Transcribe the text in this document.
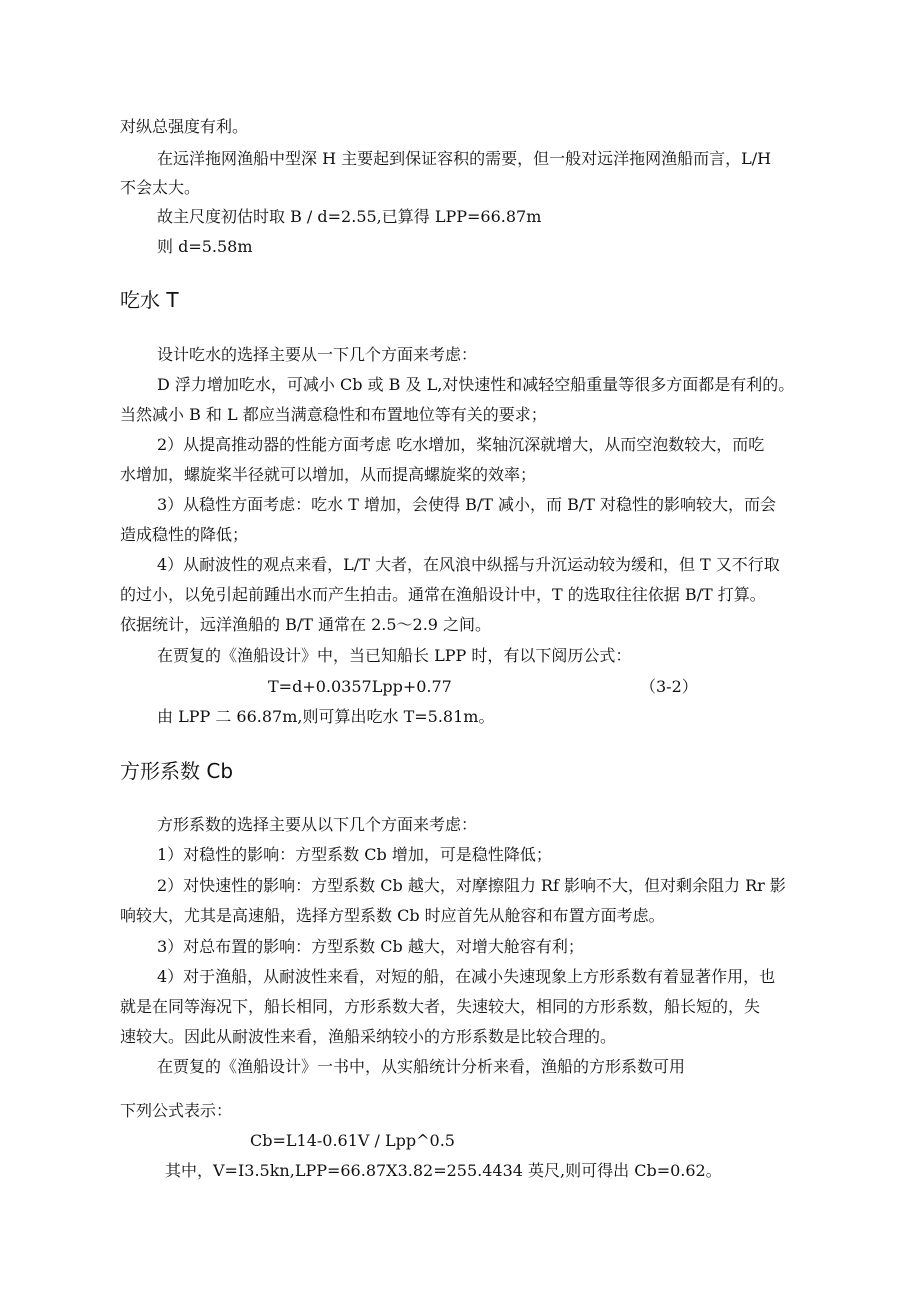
对纵总强度有利。
在远洋拖网渔船中型深 H 主要起到保证容积的需要，但一般对远洋拖网渔船而言，L/H
不会太大。
故主尺度初估时取 B / d=2.55,已算得 LPP=66.87m
则 d=5.58m
吃水 T
设计吃水的选择主要从一下几个方面来考虑：
D 浮力增加吃水，可减小 Cb 或 B 及 L,对快速性和减轻空船重量等很多方面都是有利的。
当然减小 B 和 L 都应当满意稳性和布置地位等有关的要求；
2）从提高推动器的性能方面考虑 吃水增加，桨轴沉深就增大，从而空泡数较大，而吃
水增加，螺旋桨半径就可以增加，从而提高螺旋桨的效率；
3）从稳性方面考虑：吃水 T 增加，会使得 B/T 减小，而 B/T 对稳性的影响较大，而会
造成稳性的降低；
4）从耐波性的观点来看，L/T 大者，在风浪中纵摇与升沉运动较为缓和，但 T 又不行取
的过小，以免引起前踵出水而产生拍击。通常在渔船设计中，T 的选取往往依据 B/T 打算。
依据统计，远洋渔船的 B/T 通常在 2.5～2.9 之间。
在贾复的《渔船设计》中，当已知船长 LPP 时，有以下阅历公式：
T=d+0.0357Lpp+0.77	（3-2）
由 LPP 二 66.87m,则可算出吃水 T=5.81m。
方形系数 Cb
方形系数的选择主要从以下几个方面来考虑：
1）对稳性的影响：方型系数 Cb 增加，可是稳性降低；
2）对快速性的影响：方型系数 Cb 越大，对摩擦阻力 Rf 影响不大，但对剩余阻力 Rr 影
响较大，尤其是高速船，选择方型系数 Cb 时应首先从舱容和布置方面考虑。
3）对总布置的影响：方型系数 Cb 越大，对增大舱容有利；
4）对于渔船，从耐波性来看，对短的船，在减小失速现象上方形系数有着显著作用，也
就是在同等海况下，船长相同，方形系数大者，失速较大，相同的方形系数，船长短的，失
速较大。因此从耐波性来看，渔船采纳较小的方形系数是比较合理的。
在贾复的《渔船设计》一书中，从实船统计分析来看，渔船的方形系数可用
下列公式表示：
Cb=L14-0.61V / Lpp^0.5
其中，V=I3.5kn,LPP=66.87X3.82=255.4434 英尺,则可得出 Cb=0.62。
